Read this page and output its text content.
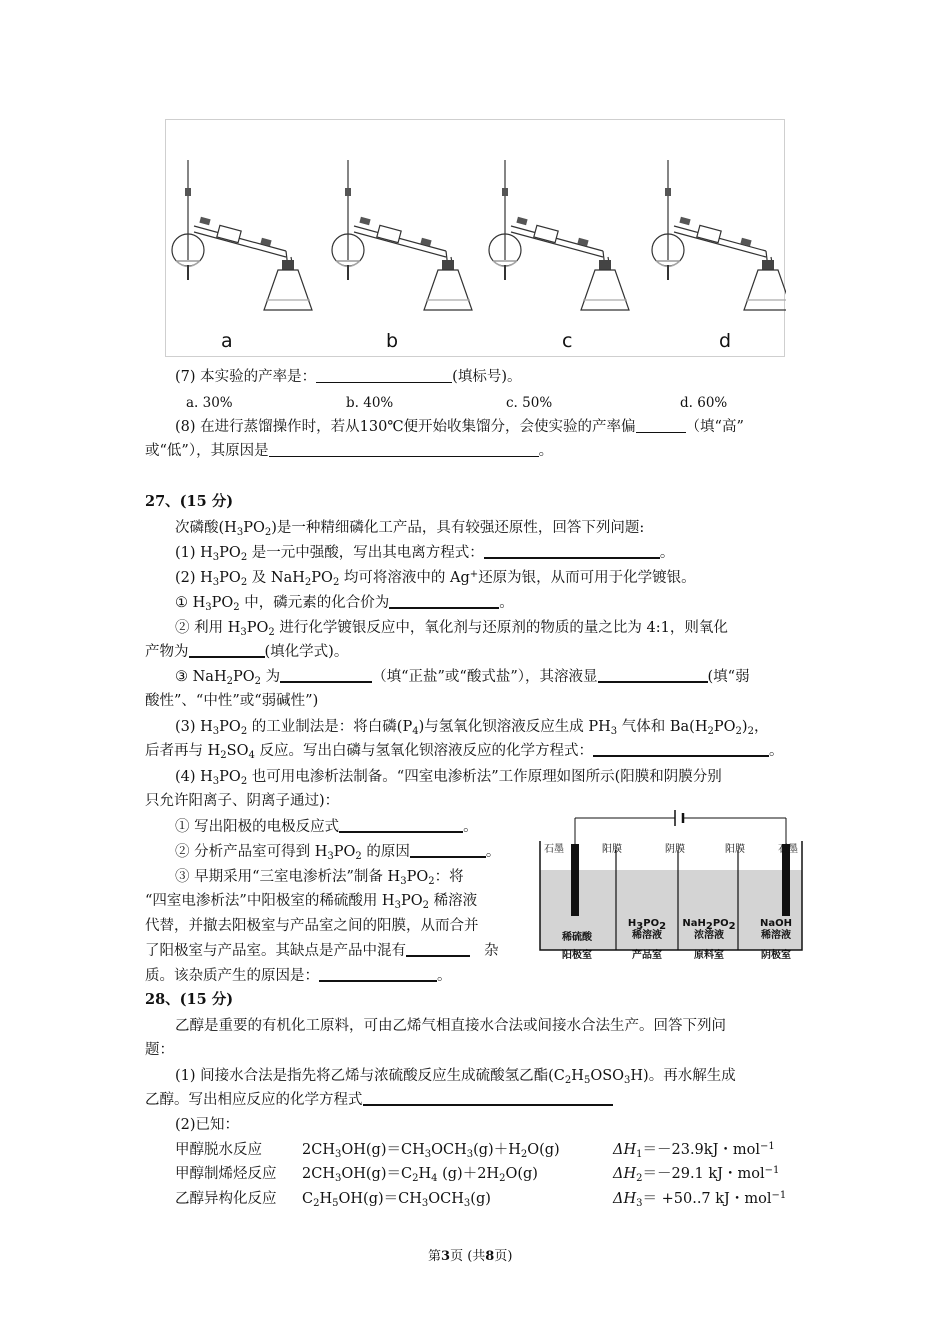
a	b	c	d
(7) 本实验的产率是：	(填标号)。
a. 30%	b. 40%	c. 50%	d. 60%
(8) 在进行蒸馏操作时，若从130℃便开始收集馏分，会使实验的产率偏	（填“高”
或“低”），其原因是	。
27、(15 分)
次磷酸$(H_3PO_2)$是一种精细磷化工产品，具有较强还原性，回答下列问题:
(1) $H_3PO_2$ 是一元中强酸，写出其电离方程式：	。
(2) $H_3PO_2$ 及 $NaH_2PO_2$ 均可将溶液中的 Ag+还原为银，从而可用于化学镀银。
① $H_3PO_2$ 中，磷元素的化合价为	。
② 利用 $H_3PO_2$ 进行化学镀银反应中，氧化剂与还原剂的物质的量之比为 4:1，则氧化
产物为	(填化学式)。
③ $NaH_2PO_2$ 为	（填“正盐”或“酸式盐”），其溶液显	(填“弱
酸性”、“中性”或“弱碱性”)
(3) $H_3PO_2$ 的工业制法是：将白磷$(P_4)$与氢氧化钡溶液反应生成 $PH_3$ 气体和 $Ba(H_2PO_2)_2$，
后者再与 $H_2SO_4$ 反应。写出白磷与氢氧化钡溶液反应的化学方程式：	。
(4) $H_3PO_2$ 也可用电渗析法制备。“四室电渗析法”工作原理如图所示(阳膜和阴膜分别
只允许阳离子、阴离子通过)：
① 写出阳极的电极反应式	。
② 分析产品室可得到 $H_3PO_2$ 的原因	。
③ 早期采用“三室电渗析法”制备 $H_3PO_2$：将
“四室电渗析法”中阳极室的稀硫酸用 $H_3PO_2$ 稀溶液
代替，并撤去阳极室与产品室之间的阳膜，从而合并
了阳极室与产品室。其缺点是产品中混有	杂
质。该杂质产生的原因是：	。
石墨	阳膜	阴膜	阳膜	石墨
稀硫酸
$H_3PO_2$
稀溶液
$NaH_2PO_2$
浓溶液
NaOH
稀溶液
阳极室	产品室	原料室	阴极室
28、(15 分)
乙醇是重要的有机化工原料，可由乙烯气相直接水合法或间接水合法生产。回答下列问
题：
(1) 间接水合法是指先将乙烯与浓硫酸反应生成硫酸氢乙酯$(C_2H_5OSO_3H)$。再水解生成
乙醇。写出相应反应的化学方程式
(2)已知：
甲醇脱水反应	$2CH_3OH(g)=CH_3OCH_3(g)+H_2O(g)$	$\Delta H_1=-23.9kJ$・mol$^{-1}$
甲醇制烯烃反应 $2CH_3OH(g)=C_2H_4$ $(g)+2H_2O(g)$	$\Delta H_2=-29.1$ kJ・mol$^{-1}$
乙醇异构化反应 $C_2H_5OH(g)=CH_3OCH_3(g)$	$\Delta H_3= +50..7$ kJ・mol$^{-1}$
第3页 (共8页)
